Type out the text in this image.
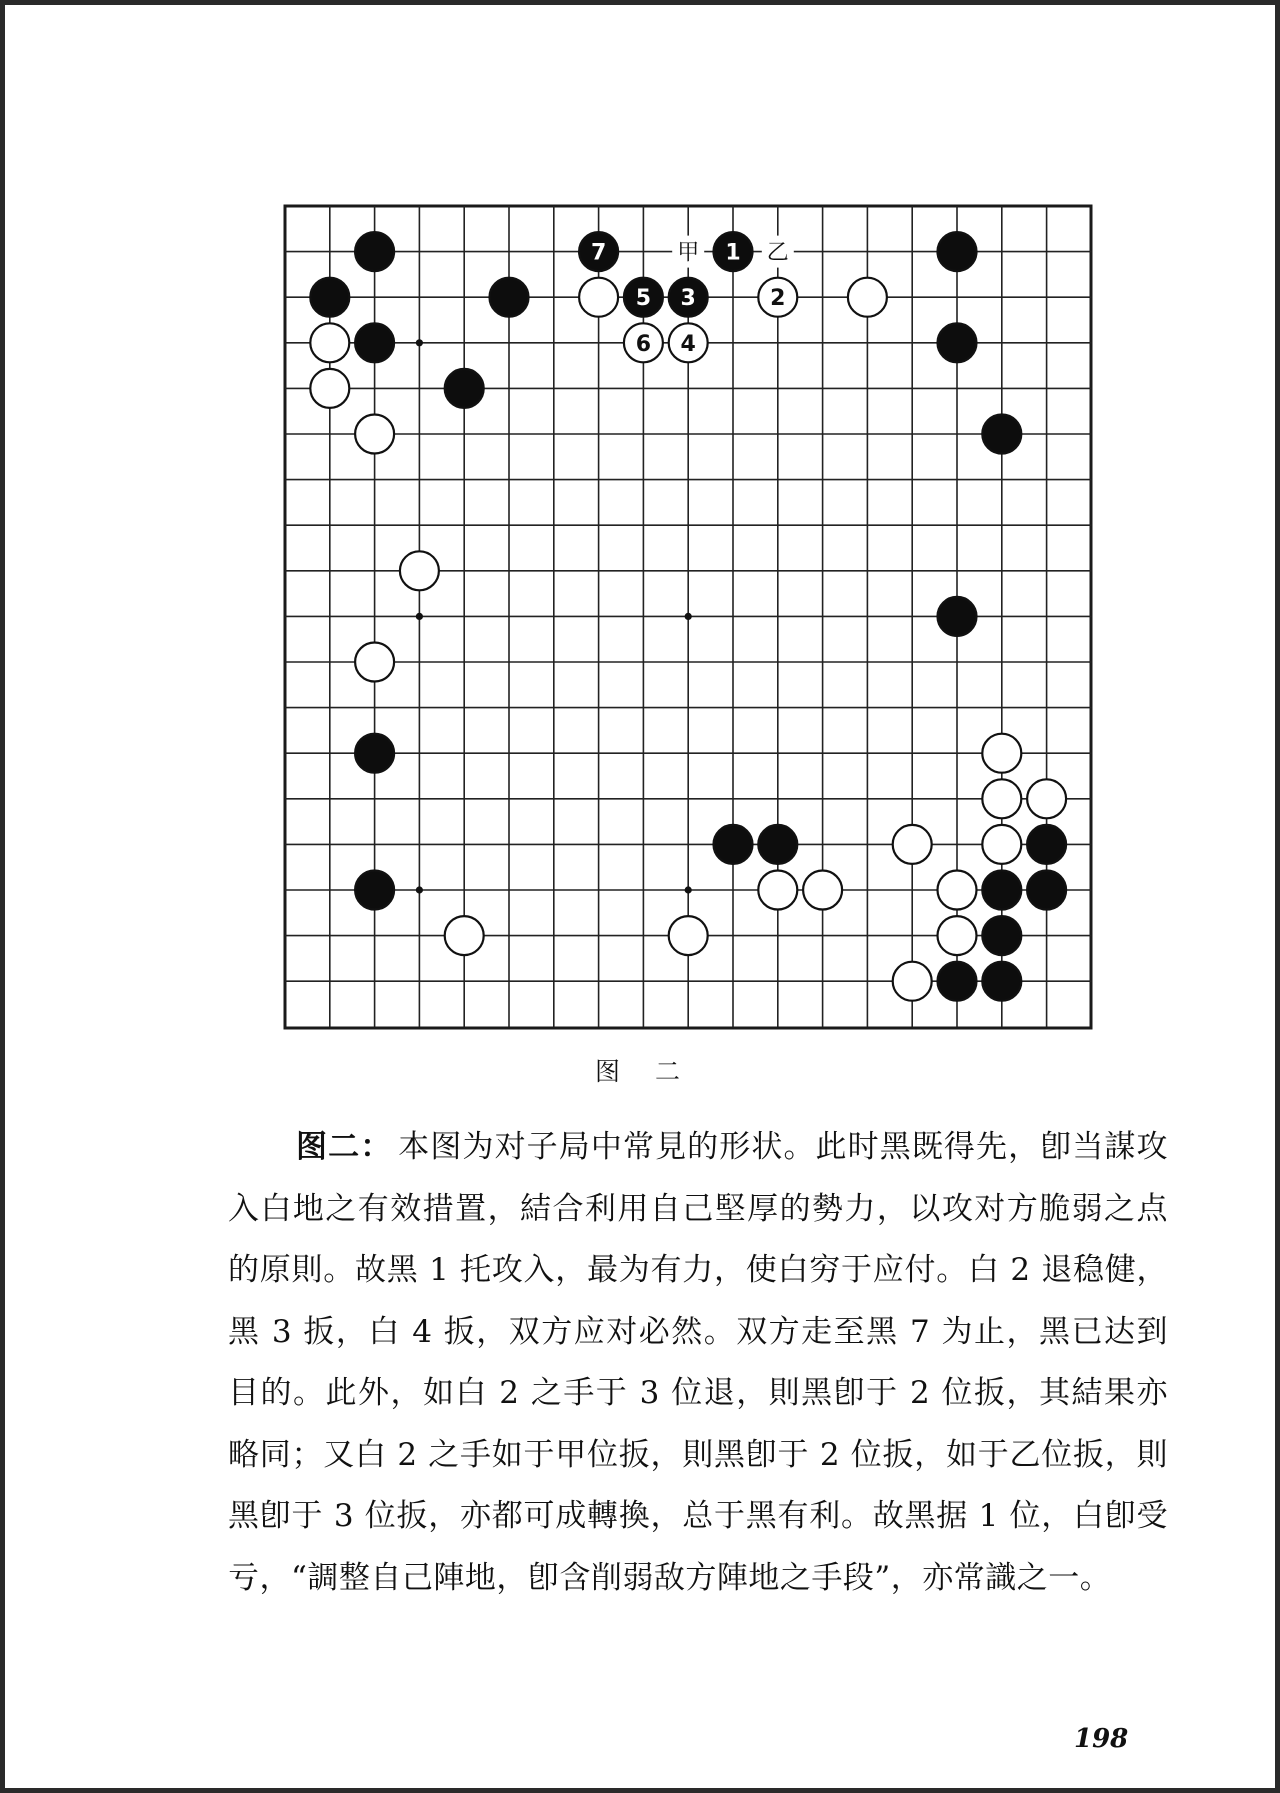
甲	乙
1
2
3
4
5
6
7
图　二
图二： 本图为对子局中常見的形状。此时黑既得先，卽当謀攻入白地之有效措置，結合利用自己堅厚的勢力，以攻对方脆弱之点的原則。故黑 1 托攻入，最为有力，使白穷于应付。白 2 退稳健，黑 3 扳，白 4 扳，双方应对必然。双方走至黑 7 为止，黑已达到目的。此外，如白 2 之手于 3 位退，則黑卽于 2 位扳，其結果亦略同；又白 2 之手如于甲位扳，則黑卽于 2 位扳，如于乙位扳，則黑卽于 3 位扳，亦都可成轉換，总于黑有利。故黑据 1 位，白卽受亏，“調整自己陣地，卽含削弱敌方陣地之手段”，亦常識之一。
198
